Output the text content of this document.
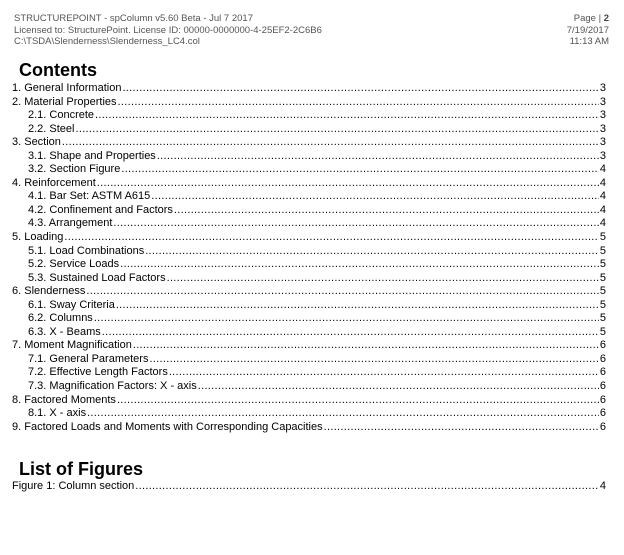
STRUCTUREPOINT - spColumn v5.60 Beta - Jul 7 2017
Licensed to: StructurePoint. License ID: 00000-0000000-4-25EF2-2C6B6
C:\TSDA\Slenderness\Slenderness_LC4.col
Page | 2
7/19/2017
11:13 AM
Contents
1. General Information .....	3
2. Material Properties .....	3
2.1. Concrete .....	3
2.2. Steel .....	3
3. Section .....	3
3.1. Shape and Properties .....	3
3.2. Section Figure .....	4
4. Reinforcement .....	4
4.1. Bar Set: ASTM A615 .....	4
4.2. Confinement and Factors .....	4
4.3. Arrangement .....	4
5. Loading .....	5
5.1. Load Combinations .....	5
5.2. Service Loads .....	5
5.3. Sustained Load Factors .....	5
6. Slenderness .....	5
6.1. Sway Criteria .....	5
6.2. Columns .....	5
6.3. X - Beams .....	5
7. Moment Magnification .....	6
7.1. General Parameters .....	6
7.2. Effective Length Factors .....	6
7.3. Magnification Factors: X - axis .....	6
8. Factored Moments .....	6
8.1. X - axis .....	6
9. Factored Loads and Moments with Corresponding Capacities .....	6
List of Figures
Figure 1: Column section .....	4
